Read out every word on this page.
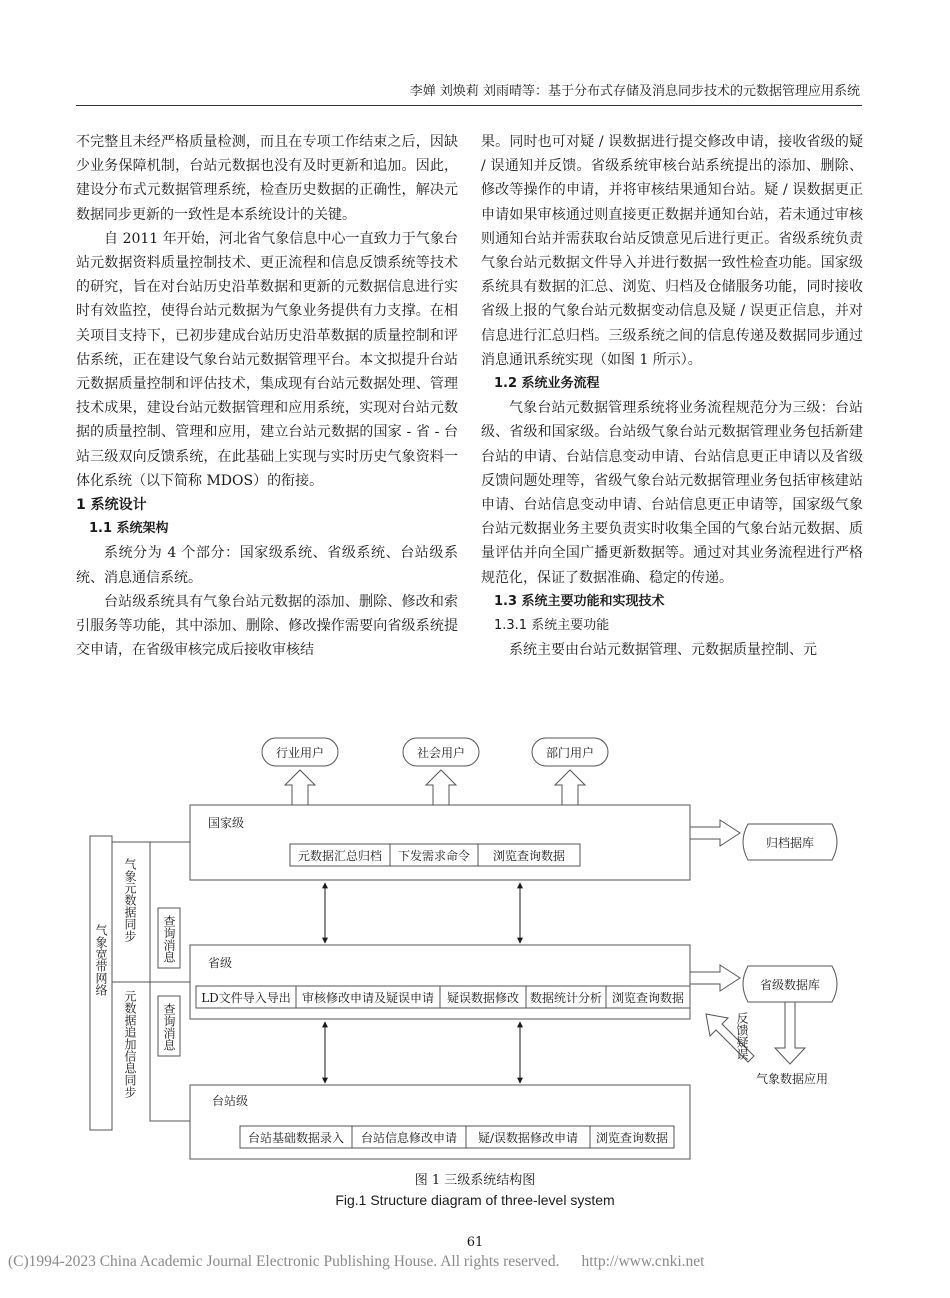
李婵 刘焕莉 刘雨晴等：基于分布式存储及消息同步技术的元数据管理应用系统

不完整且未经严格质量检测，而且在专项工作结束之后，因缺少业务保障机制，台站元数据也没有及时更新和追加。因此，建设分布式元数据管理系统，检查历史数据的正确性，解决元数据同步更新的一致性是本系统设计的关键。

自 2011 年开始，河北省气象信息中心一直致力于气象台站元数据资料质量控制技术、更正流程和信息反馈系统等技术的研究，旨在对台站历史沿革数据和更新的元数据信息进行实时有效监控，使得台站元数据为气象业务提供有力支撑。在相关项目支持下，已初步建成台站历史沿革数据的质量控制和评估系统，正在建设气象台站元数据管理平台。本文拟提升台站元数据质量控制和评估技术，集成现有台站元数据处理、管理技术成果，建设台站元数据管理和应用系统，实现对台站元数据的质量控制、管理和应用，建立台站元数据的国家 - 省 - 台站三级双向反馈系统，在此基础上实现与实时历史气象资料一体化系统（以下简称 MDOS）的衔接。

1 系统设计

1.1 系统架构

系统分为 4 个部分：国家级系统、省级系统、台站级系统、消息通信系统。

台站级系统具有气象台站元数据的添加、删除、修改和索引服务等功能，其中添加、删除、修改操作需要向省级系统提交申请，在省级审核完成后接收审核结

果。同时也可对疑 / 误数据进行提交修改申请，接收省级的疑 / 误通知并反馈。省级系统审核台站系统提出的添加、删除、修改等操作的申请，并将审核结果通知台站。疑 / 误数据更正申请如果审核通过则直接更正数据并通知台站，若未通过审核则通知台站并需获取台站反馈意见后进行更正。省级系统负责气象台站元数据文件导入并进行数据一致性检查功能。国家级系统具有数据的汇总、浏览、归档及仓储服务功能，同时接收省级上报的气象台站元数据变动信息及疑 / 误更正信息，并对信息进行汇总归档。三级系统之间的信息传递及数据同步通过消息通讯系统实现（如图 1 所示）。

1.2 系统业务流程

气象台站元数据管理系统将业务流程规范分为三级：台站级、省级和国家级。台站级气象台站元数据管理业务包括新建台站的申请、台站信息变动申请、台站信息更正申请以及省级反馈问题处理等，省级气象台站元数据管理业务包括审核建站申请、台站信息变动申请、台站信息更正申请等，国家级气象台站元数据业务主要负责实时收集全国的气象台站元数据、质量评估并向全国广播更新数据等。通过对其业务流程进行严格规范化，保证了数据准确、稳定的传递。

1.3 系统主要功能和实现技术

1.3.1 系统主要功能

系统主要由台站元数据管理、元数据质量控制、元

行业用户	社会用户	部门用户
国家级
元数据汇总归档 下发需求命令 浏览查询数据
归档据库
省级
LD文件导入导出 审核修改申请及疑误申请 疑误数据修改 数据统计分析 浏览查询数据
省级数据库
气象数据应用
反馈疑误
台站级
台站基础数据录入 台站信息修改申请 疑/误数据修改申请 浏览查询数据
气象宽带网络
气象元数据同步
元数据追加信息同步
查询消息
查询消息
图 1 三级系统结构图
Fig.1 Structure diagram of three-level system
61
(C)1994-2023 China Academic Journal Electronic Publishing House. All rights reserved. http://www.cnki.net
